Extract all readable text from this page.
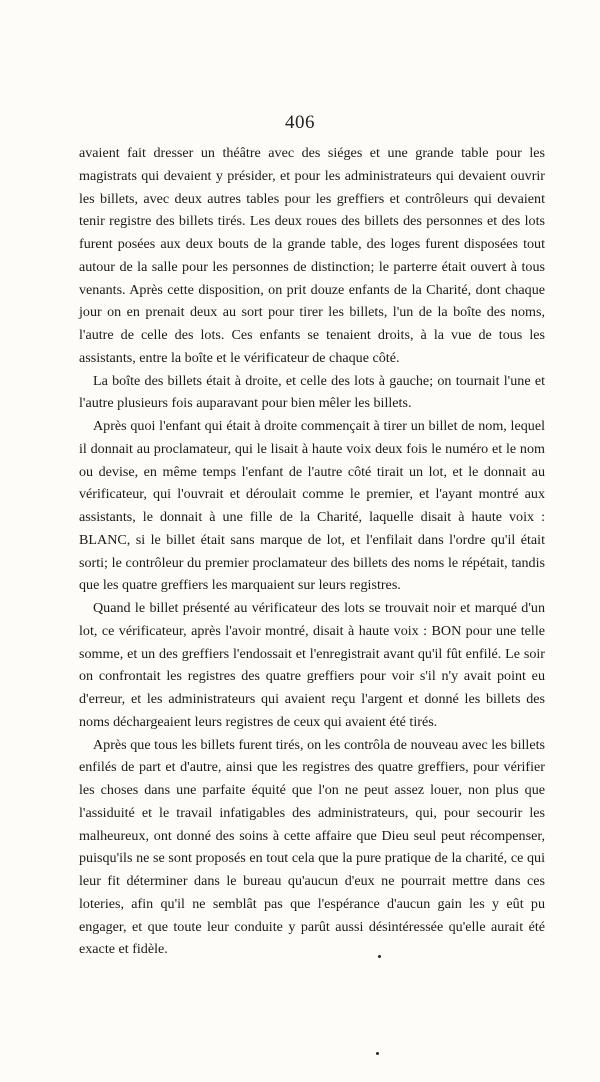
406

avaient fait dresser un théâtre avec des siéges et une grande table pour les magistrats qui devaient y présider, et pour les administrateurs qui devaient ouvrir les billets, avec deux autres tables pour les greffiers et contrôleurs qui devaient tenir registre des billets tirés. Les deux roues des billets des personnes et des lots furent posées aux deux bouts de la grande table, des loges furent disposées tout autour de la salle pour les personnes de distinction; le parterre était ouvert à tous venants. Après cette disposition, on prit douze enfants de la Charité, dont chaque jour on en prenait deux au sort pour tirer les billets, l'un de la boîte des noms, l'autre de celle des lots. Ces enfants se tenaient droits, à la vue de tous les assistants, entre la boîte et le vérificateur de chaque côté.

La boîte des billets était à droite, et celle des lots à gauche; on tournait l'une et l'autre plusieurs fois auparavant pour bien mêler les billets.

Après quoi l'enfant qui était à droite commençait à tirer un billet de nom, lequel il donnait au proclamateur, qui le lisait à haute voix deux fois le numéro et le nom ou devise, en même temps l'enfant de l'autre côté tirait un lot, et le donnait au vérificateur, qui l'ouvrait et déroulait comme le premier, et l'ayant montré aux assistants, le donnait à une fille de la Charité, laquelle disait à haute voix : BLANC, si le billet était sans marque de lot, et l'enfilait dans l'ordre qu'il était sorti; le contrôleur du premier proclamateur des billets des noms le répétait, tandis que les quatre greffiers les marquaient sur leurs registres.

Quand le billet présenté au vérificateur des lots se trouvait noir et marqué d'un lot, ce vérificateur, après l'avoir montré, disait à haute voix : BON pour une telle somme, et un des greffiers l'endossait et l'enregistrait avant qu'il fût enfilé. Le soir on confrontait les registres des quatre greffiers pour voir s'il n'y avait point eu d'erreur, et les administrateurs qui avaient reçu l'argent et donné les billets des noms déchargeaient leurs registres de ceux qui avaient été tirés.

Après que tous les billets furent tirés, on les contrôla de nouveau avec les billets enfilés de part et d'autre, ainsi que les registres des quatre greffiers, pour vérifier les choses dans une parfaite équité que l'on ne peut assez louer, non plus que l'assiduité et le travail infatigables des administrateurs, qui, pour secourir les malheureux, ont donné des soins à cette affaire que Dieu seul peut récompenser, puisqu'ils ne se sont proposés en tout cela que la pure pratique de la charité, ce qui leur fit déterminer dans le bureau qu'aucun d'eux ne pourrait mettre dans ces loteries, afin qu'il ne semblât pas que l'espérance d'aucun gain les y eût pu engager, et que toute leur conduite y parût aussi désintéressée qu'elle aurait été exacte et fidèle.
